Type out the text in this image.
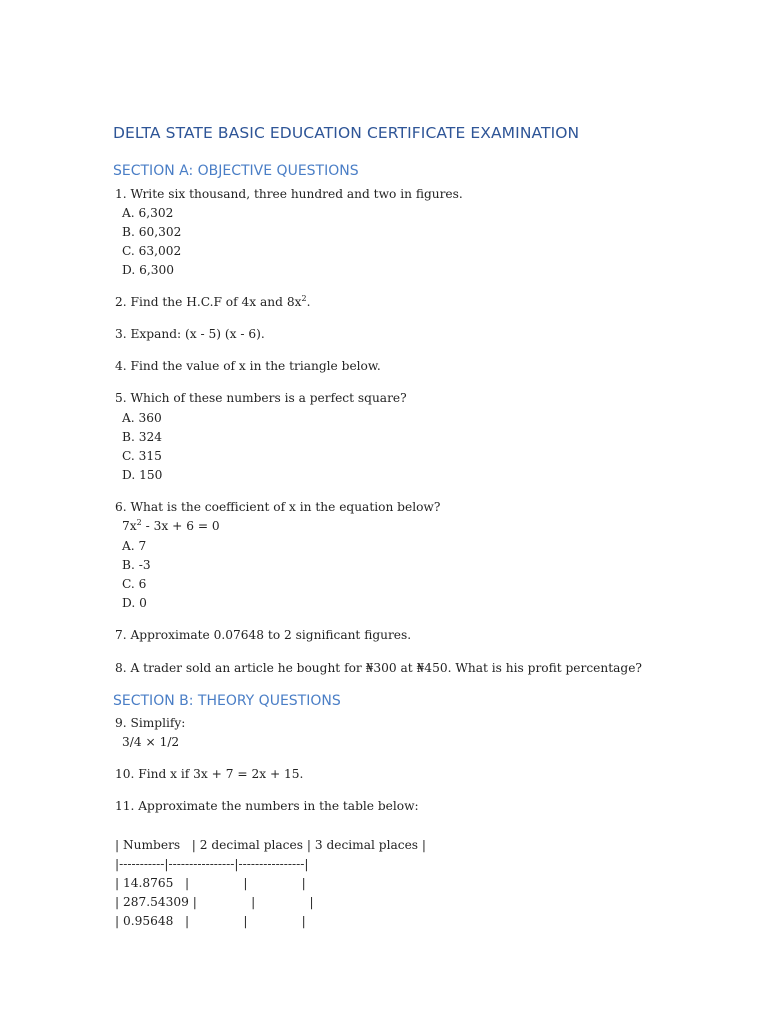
DELTA STATE BASIC EDUCATION CERTIFICATE EXAMINATION
SECTION A: OBJECTIVE QUESTIONS
1. Write six thousand, three hundred and two in figures.
A. 6,302
B. 60,302
C. 63,002
D. 6,300
2. Find the H.C.F of 4x and $8x^2$.
3. Expand: (x - 5) (x - 6).
4. Find the value of x in the triangle below.
5. Which of these numbers is a perfect square?
A. 360
B. 324
C. 315
D. 150
6. What is the coefficient of x in the equation below?
$7x^2 - 3x + 6 = 0$
A. 7
B. -3
C. 6
D. 0
7. Approximate 0.07648 to 2 significant figures.
8. A trader sold an article he bought for ₦300 at ₦450. What is his profit percentage?
SECTION B: THEORY QUESTIONS
9. Simplify:
3/4 × 1/2
10. Find x if 3x + 7 = 2x + 15.
11. Approximate the numbers in the table below:
| Numbers   | 2 decimal places | 3 decimal places |
|-----------|----------------|----------------|
| 14.8765   |              |              |
| 287.54309 |              |              |
| 0.95648   |              |              |
